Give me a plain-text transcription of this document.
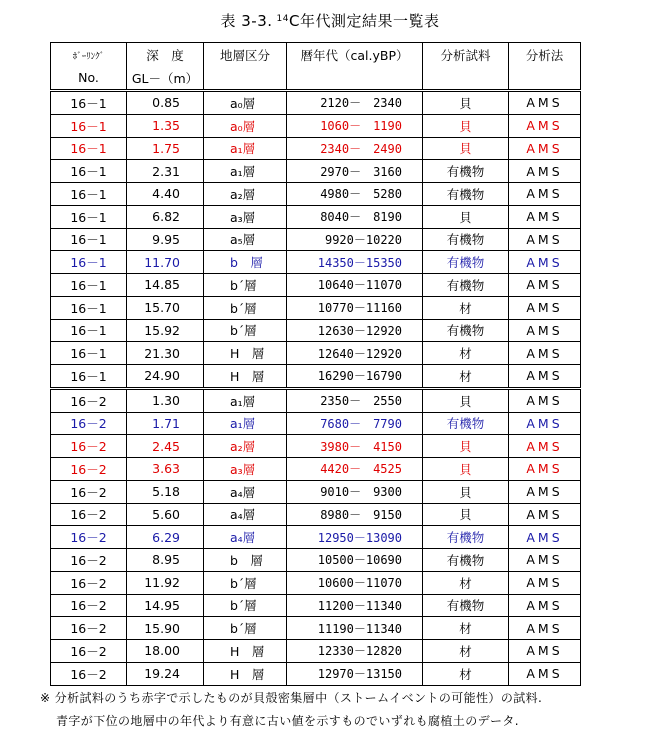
表 3-3. $^{14}$C年代測定結果一覧表
ﾎﾞｰﾘﾝｸﾞ	深　度	地層区分	暦年代（cal.yBP）	分析試料	分析法
No.	GL－（m）				
16－1	0.85	a₀層	2120－　2340	貝	AMS
16－1	1.35	a₀層	1060－　1190	貝	AMS
16－1	1.75	a₁層	2340－　2490	貝	AMS
16－1	2.31	a₁層	2970－　3160	有機物	AMS
16－1	4.40	a₂層	4980－　5280	有機物	AMS
16－1	6.82	a₃層	8040－　8190	貝	AMS
16－1	9.95	a₅層	9920－10220	有機物	AMS
16－1	11.70	b　層	14350－15350	有機物	AMS
16－1	14.85	b´層	10640－11070	有機物	AMS
16－1	15.70	b´層	10770－11160	材	AMS
16－1	15.92	b´層	12630－12920	有機物	AMS
16－1	21.30	H　層	12640－12920	材	AMS
16－1	24.90	H　層	16290－16790	材	AMS
16－2	1.30	a₁層	2350－　2550	貝	AMS
16－2	1.71	a₁層	7680－　7790	有機物	AMS
16－2	2.45	a₂層	3980－　4150	貝	AMS
16－2	3.63	a₃層	4420－　4525	貝	AMS
16－2	5.18	a₄層	9010－　9300	貝	AMS
16－2	5.60	a₄層	8980－　9150	貝	AMS
16－2	6.29	a₄層	12950－13090	有機物	AMS
16－2	8.95	b　層	10500－10690	有機物	AMS
16－2	11.92	b´層	10600－11070	材	AMS
16－2	14.95	b´層	11200－11340	有機物	AMS
16－2	15.90	b´層	11190－11340	材	AMS
16－2	18.00	H　層	12330－12820	材	AMS
16－2	19.24	H　層	12970－13150	材	AMS
※ 分析試料のうち赤字で示したものが貝殻密集層中（ストームイベントの可能性）の試料.
青字が下位の地層中の年代より有意に古い値を示すものでいずれも腐植土のデータ.
